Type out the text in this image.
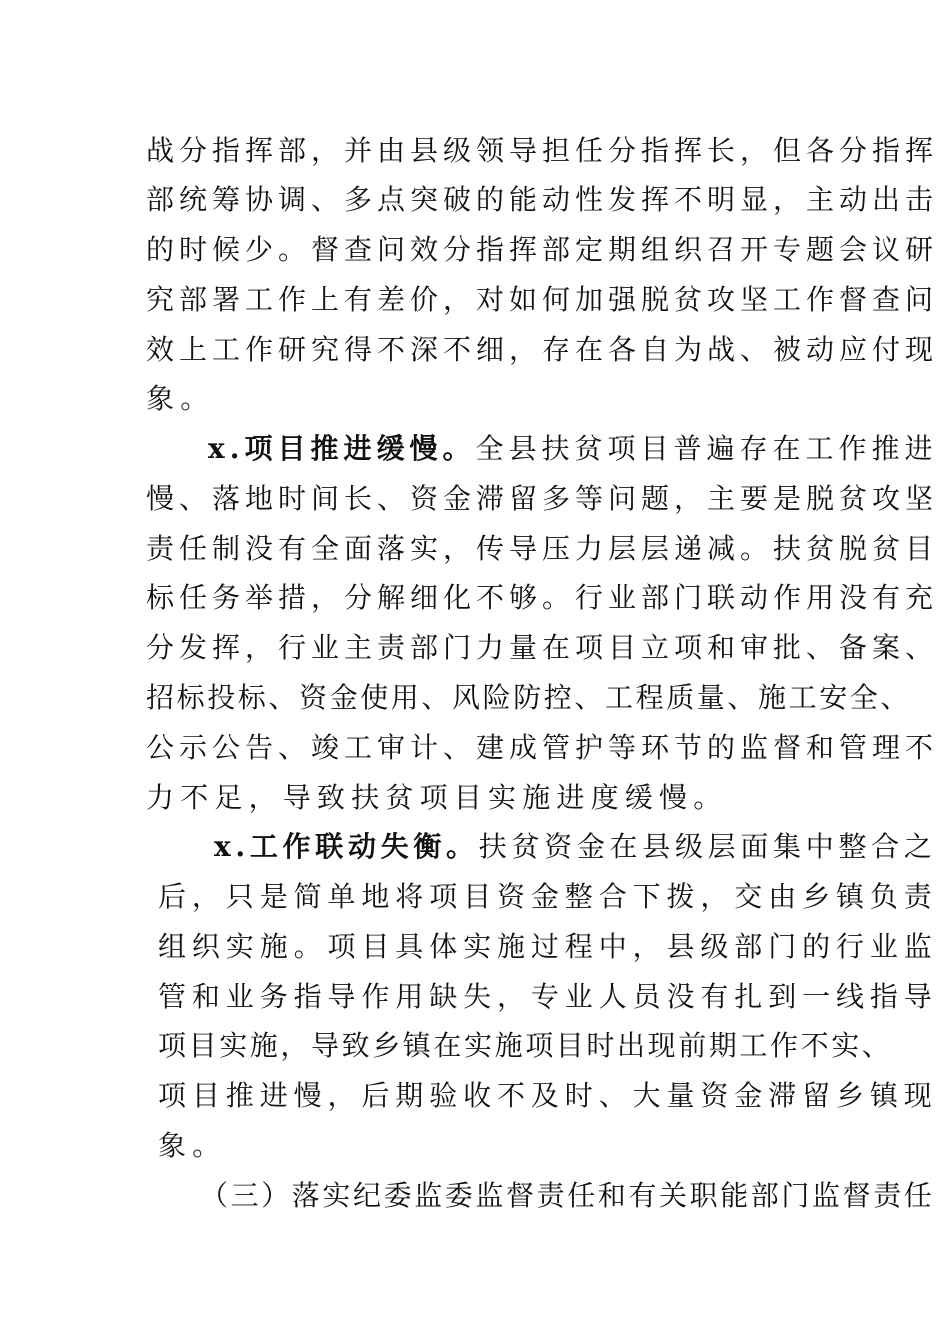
战分指挥部，并由县级领导担任分指挥长，但各分指挥
部统筹协调、多点突破的能动性发挥不明显，主动出击
的时候少。督查问效分指挥部定期组织召开专题会议研
究部署工作上有差价，对如何加强脱贫攻坚工作督查问
效上工作研究得不深不细，存在各自为战、被动应付现
象。
x.项目推进缓慢。全县扶贫项目普遍存在工作推进
慢、落地时间长、资金滞留多等问题，主要是脱贫攻坚
责任制没有全面落实，传导压力层层递减。扶贫脱贫目
标任务举措，分解细化不够。行业部门联动作用没有充
分发挥，行业主责部门力量在项目立项和审批、备案、
招标投标、资金使用、风险防控、工程质量、施工安全、
公示公告、竣工审计、建成管护等环节的监督和管理不
力不足，导致扶贫项目实施进度缓慢。
x.工作联动失衡。扶贫资金在县级层面集中整合之
后，只是简单地将项目资金整合下拨，交由乡镇负责
组织实施。项目具体实施过程中，县级部门的行业监
管和业务指导作用缺失，专业人员没有扎到一线指导
项目实施，导致乡镇在实施项目时出现前期工作不实、
项目推进慢，后期验收不及时、大量资金滞留乡镇现
象。
（三）落实纪委监委监督责任和有关职能部门监督责任
